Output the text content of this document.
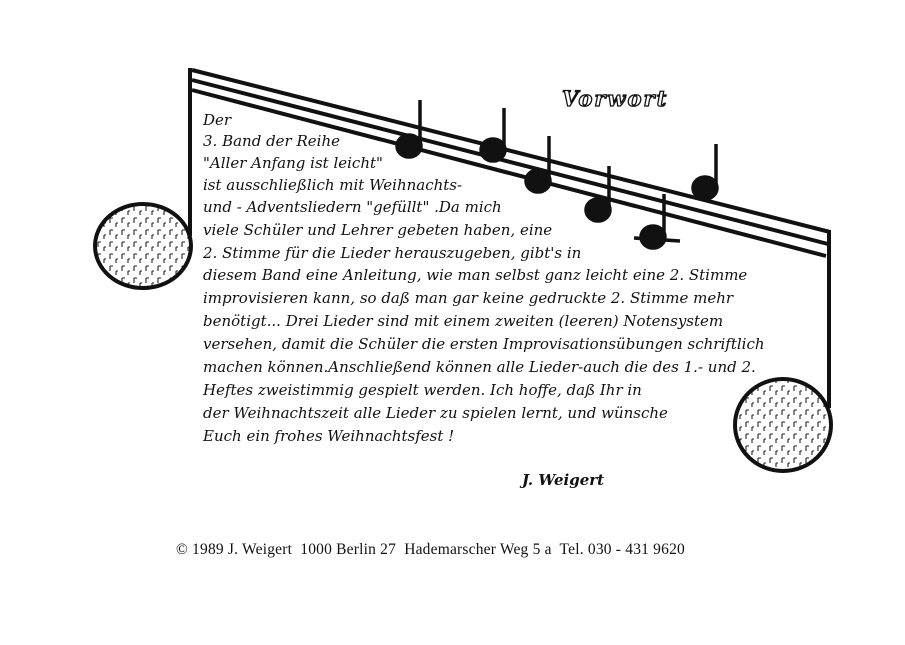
Vorwort
Der
3. Band der Reihe
"Aller Anfang ist leicht"
ist ausschließlich mit Weihnachts-
und - Adventsliedern "gefüllt" .Da mich
viele Schüler und Lehrer gebeten haben, eine
2. Stimme für die Lieder herauszugeben, gibt's in
diesem Band eine Anleitung, wie man selbst ganz leicht eine 2. Stimme
improvisieren kann, so daß man gar keine gedruckte 2. Stimme mehr
benötigt... Drei Lieder sind mit einem zweiten (leeren) Notensystem
versehen, damit die Schüler die ersten Improvisationsübungen schriftlich
machen können.Anschließend können alle Lieder-auch die des 1.- und 2.
Heftes zweistimmig gespielt werden. Ich hoffe, daß Ihr in
der Weihnachtszeit alle Lieder zu spielen lernt, und wünsche
Euch ein frohes Weihnachtsfest !
J. Weigert
© 1989 J. Weigert  1000 Berlin 27  Hademarscher Weg 5 a  Tel. 030 - 431 9620
